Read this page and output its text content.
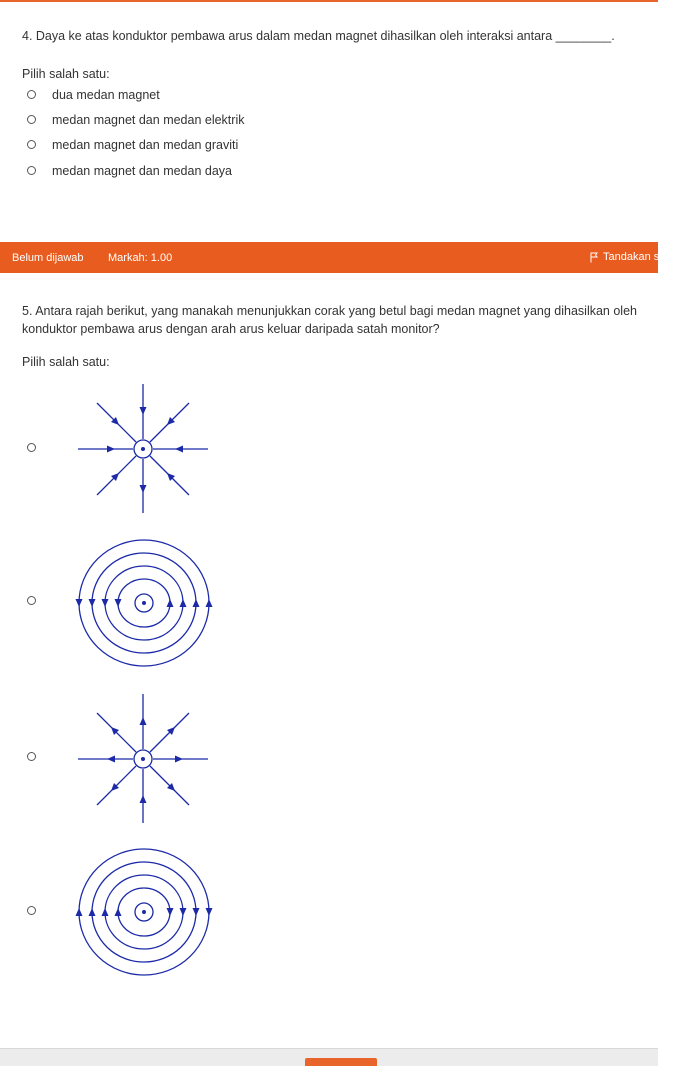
4. Daya ke atas konduktor pembawa arus dalam medan magnet dihasilkan oleh interaksi antara ________.
Pilih salah satu:
dua medan magnet
medan magnet dan medan elektrik
medan magnet dan medan graviti
medan magnet dan medan daya
Belum dijawab Markah: 1.00	Tandakan soalan
5. Antara rajah berikut, yang manakah menunjukkan corak yang betul bagi medan magnet yang dihasilkan oleh konduktor pembawa arus dengan arah arus keluar daripada satah monitor?
Pilih salah satu:
